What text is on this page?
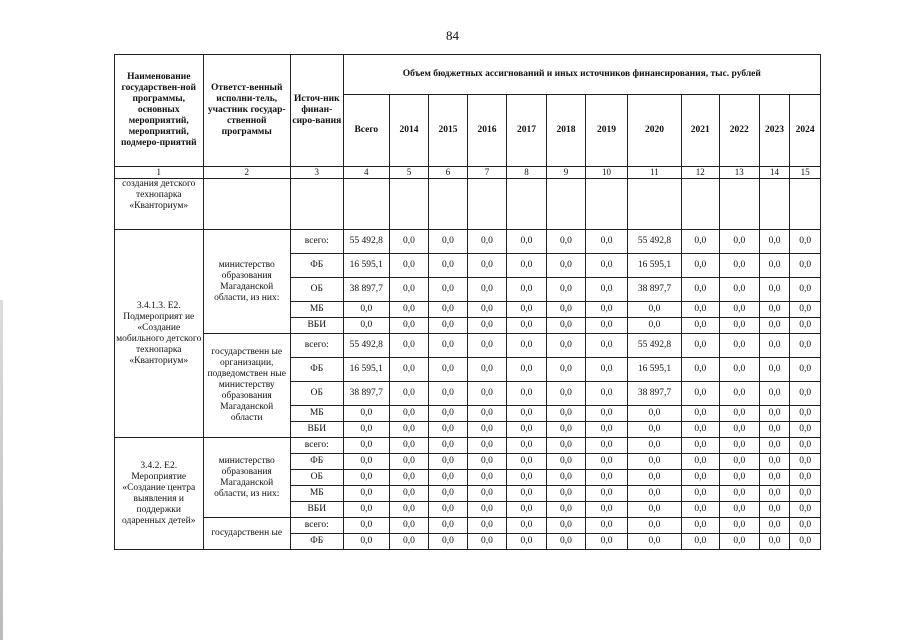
84
Наименование государствен-ной программы, основных мероприятий, мероприятий, подмеро-приятий	Ответст-венный исполни-тель, участник государ-ственной программы	Источ-ник финан-сиро-вания	Объем бюджетных ассигнований и иных источников финансирования, тыс. рублей											
			Всего	2014	2015	2016	2017	2018	2019	2020	2021	2022	2023	2024
1	2	3	4	5	6	7	8	9	10	11	12	13	14	15
создания детского технопарка «Кванториум»														
3.4.1.3. Е2. Подмероприят ие «Создание мобильного детского технопарка «Кванториум»	министерство образования Магаданской области, из них:	всего:	55 492,8	0,0	0,0	0,0	0,0	0,0	0,0	55 492,8	0,0	0,0	0,0	0,0
		ФБ	16 595,1	0,0	0,0	0,0	0,0	0,0	0,0	16 595,1	0,0	0,0	0,0	0,0
		ОБ	38 897,7	0,0	0,0	0,0	0,0	0,0	0,0	38 897,7	0,0	0,0	0,0	0,0
		МБ	0,0	0,0	0,0	0,0	0,0	0,0	0,0	0,0	0,0	0,0	0,0	0,0
		ВБИ	0,0	0,0	0,0	0,0	0,0	0,0	0,0	0,0	0,0	0,0	0,0	0,0
	государственн ые организации, подведомствен ные министерству образования Магаданской области	всего:	55 492,8	0,0	0,0	0,0	0,0	0,0	0,0	55 492,8	0,0	0,0	0,0	0,0
		ФБ	16 595,1	0,0	0,0	0,0	0,0	0,0	0,0	16 595,1	0,0	0,0	0,0	0,0
		ОБ	38 897,7	0,0	0,0	0,0	0,0	0,0	0,0	38 897,7	0,0	0,0	0,0	0,0
		МБ	0,0	0,0	0,0	0,0	0,0	0,0	0,0	0,0	0,0	0,0	0,0	0,0
		ВБИ	0,0	0,0	0,0	0,0	0,0	0,0	0,0	0,0	0,0	0,0	0,0	0,0
3.4.2. Е2. Мероприятие «Создание центра выявления и поддержки одаренных детей»	министерство образования Магаданской области, из них:	всего:	0,0	0,0	0,0	0,0	0,0	0,0	0,0	0,0	0,0	0,0	0,0	0,0
		ФБ	0,0	0,0	0,0	0,0	0,0	0,0	0,0	0,0	0,0	0,0	0,0	0,0
		ОБ	0,0	0,0	0,0	0,0	0,0	0,0	0,0	0,0	0,0	0,0	0,0	0,0
		МБ	0,0	0,0	0,0	0,0	0,0	0,0	0,0	0,0	0,0	0,0	0,0	0,0
		ВБИ	0,0	0,0	0,0	0,0	0,0	0,0	0,0	0,0	0,0	0,0	0,0	0,0
	государственн ые	всего:	0,0	0,0	0,0	0,0	0,0	0,0	0,0	0,0	0,0	0,0	0,0	0,0
		ФБ	0,0	0,0	0,0	0,0	0,0	0,0	0,0	0,0	0,0	0,0	0,0	0,0
